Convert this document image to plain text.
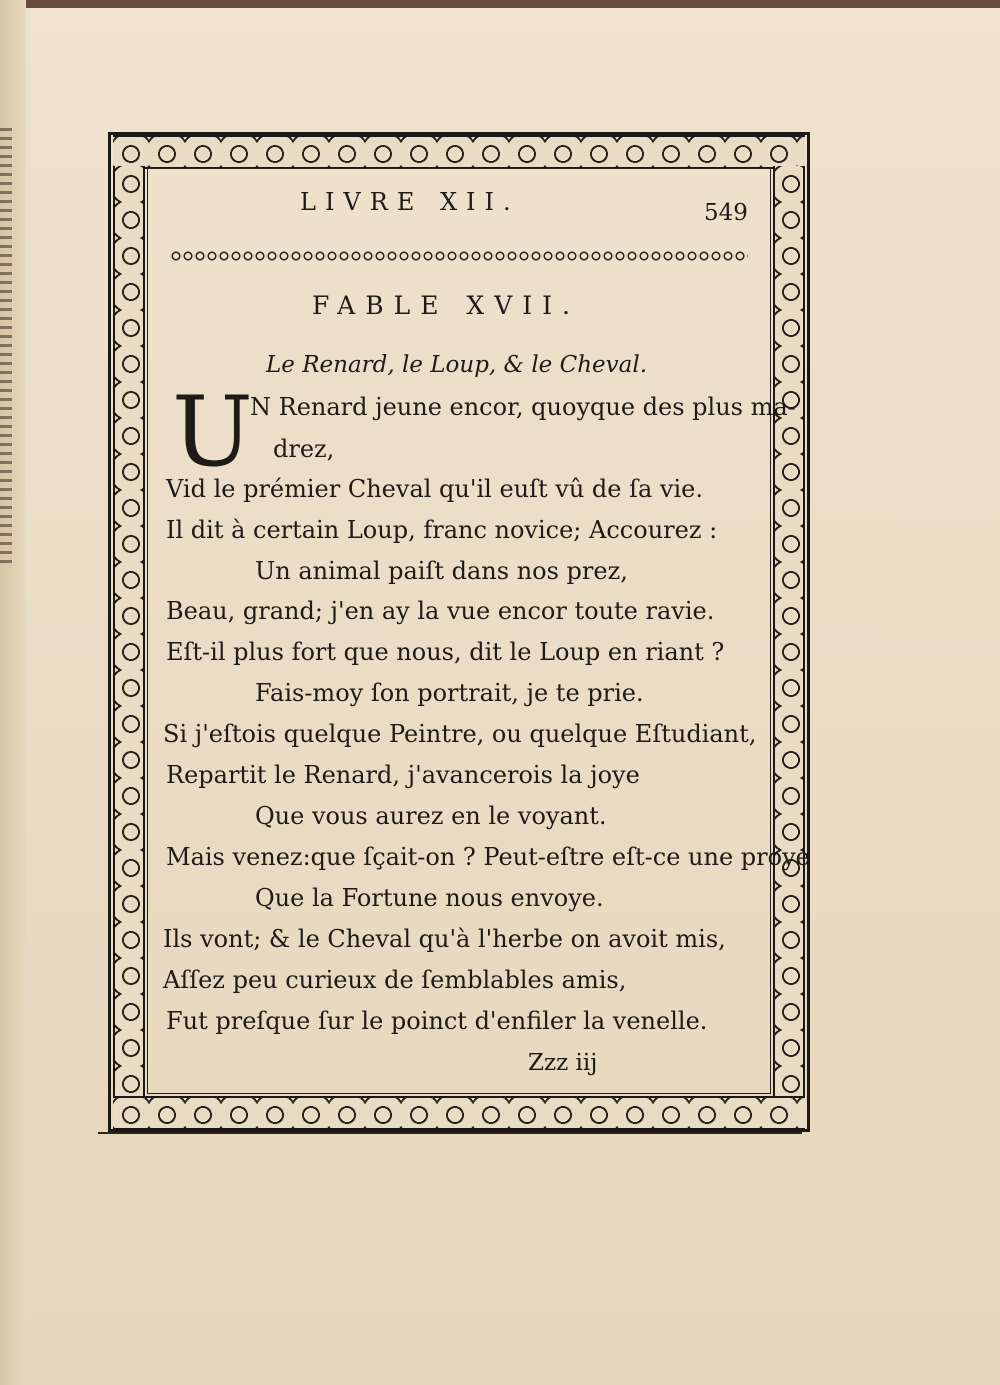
LIVRE XII.	549
FABLE XVII.
Le Renard, le Loup, & le Cheval.
U
N Renard jeune encor, quoyque des plus ma-
drez,
Vid le prémier Cheval qu'il euſt vû de ſa vie.
Il dit à certain Loup, franc novice; Accourez :
Un animal paiſt dans nos prez,
Beau, grand; j'en ay la vue encor toute ravie.
Eſt-il plus fort que nous, dit le Loup en riant ?
Fais-moy ſon portrait, je te prie.
Si j'eſtois quelque Peintre, ou quelque Eſtudiant,
Repartit le Renard, j'avancerois la joye
Que vous aurez en le voyant.
Mais venez:que ſçait-on ? Peut-eſtre eſt-ce une proye
Que la Fortune nous envoye.
Ils vont; & le Cheval qu'à l'herbe on avoit mis,
Aſſez peu curieux de ſemblables amis,
Fut preſque ſur le poinct d'enfiler la venelle.
Zzz iij
